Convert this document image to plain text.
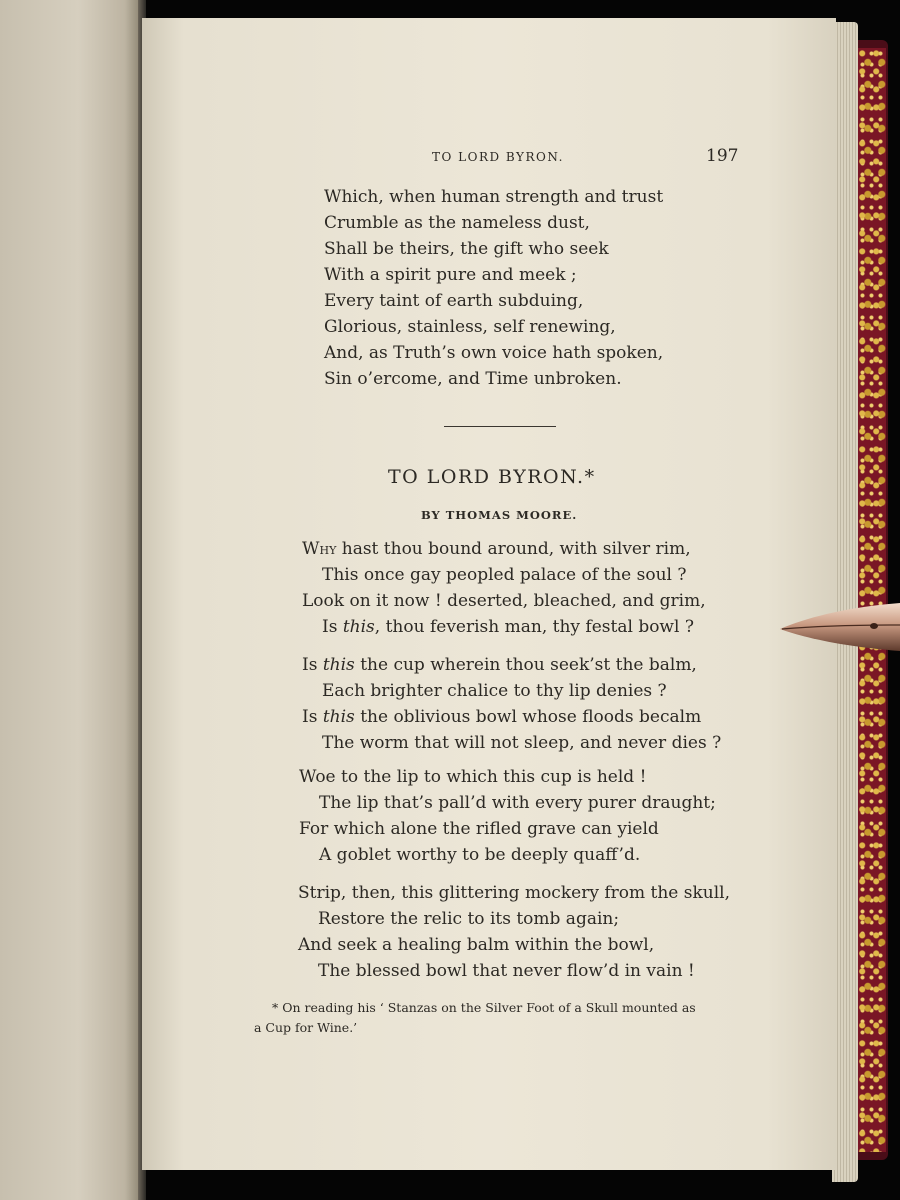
TO LORD BYRON.	197
Which, when human strength and trust
Crumble as the nameless dust,
Shall be theirs, the gift who seek
With a spirit pure and meek ;
Every taint of earth subduing,
Glorious, stainless, self renewing,
And, as Truth’s own voice hath spoken,
Sin o’ercome, and Time unbroken.
TO LORD BYRON.*
BY THOMAS MOORE.
Why hast thou bound around, with silver rim,
This once gay peopled palace of the soul ?
Look on it now ! deserted, bleached, and grim,
Is this, thou feverish man, thy festal bowl ?
Is this the cup wherein thou seek’st the balm,
Each brighter chalice to thy lip denies ?
Is this the oblivious bowl whose floods becalm
The worm that will not sleep, and never dies ?
Woe to the lip to which this cup is held !
The lip that’s pall’d with every purer draught;
For which alone the rifled grave can yield
A goblet worthy to be deeply quaff’d.
Strip, then, this glittering mockery from the skull,
Restore the relic to its tomb again;
And seek a healing balm within the bowl,
The blessed bowl that never flow’d in vain !
* On reading his ‘ Stanzas on the Silver Foot of a Skull mounted as
a Cup for Wine.’
